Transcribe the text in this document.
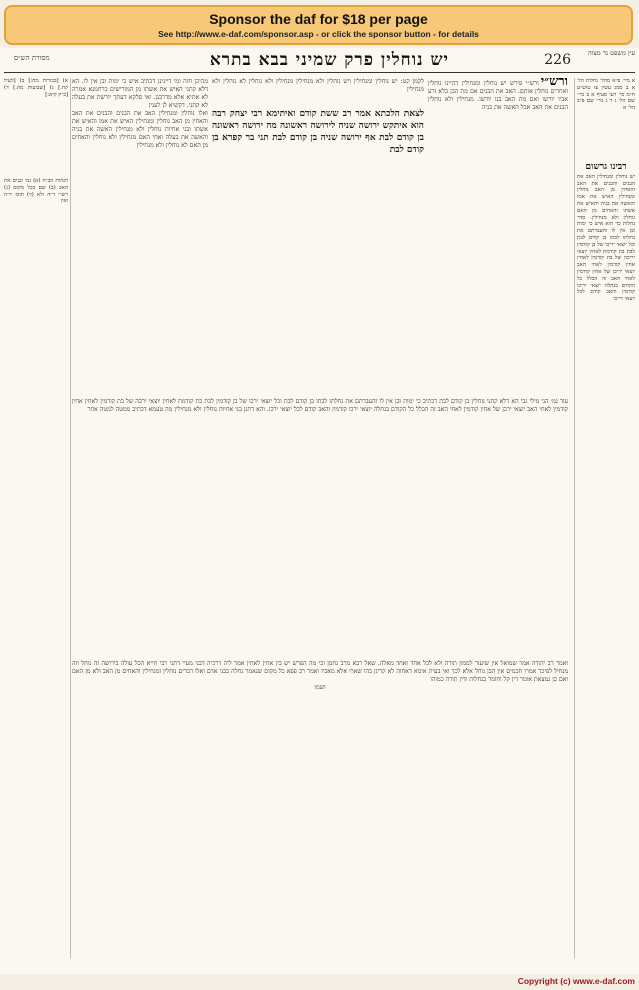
Sponsor the daf for $18 per page
See http://www.e-daf.com/sponsor.asp - or click the sponsor button - for details
עין משפט נר מצוה
226
יש נוחלין פרק שמיני בבא בתרא
מסורת הש״ס

א מיי׳ פ״א מהל׳ נחלות הל׳ א ב סמג עשין צו טוש״ע ח״מ סי׳ רעו סעיף א ב מיי׳ שם הל׳ ג ד ג מיי׳ שם פ״ב הל׳ א

רבינו גרשום

יש נוחלין ומנחילין האב את הבנים והבנים את האב והאחין מן האב נוחלין ומנחילין האיש את אמו והאשה את בניה והאיש את אשתו והאחים מן האם נוחלין ולא מנחילין. סדר נחלות כך הוא איש כי ימות ובן אין לו והעברתם את נחלתו לבתו בן קודם לבת וכל יוצאי יריכו של בן קודמין לבת בת קודמת לאחין יוצאי יריכה של בת קודמין לאחין אחין קודמין לאחי האב יוצאי יריכן של אחין קודמין לאחי האב זה הכלל כל הקודם בנחלה יוצאי יריכו קודמין והאב קודם לכל יוצאי יריכו

ורש״יורש״י פירש יש נוחלין ומנחילין דהיינו נוחלין ואחרים נוחלין אותם. האב את הבנים אם מת הבן בלא זרע אביו יורשו ואם מת האב בנו יורשו. מנחילין ולא נוחלין הבנים את האב אבל האשה את בניה

לצאת הלכתא אמר רב ששת קודם ואיתימא רבי יצחק רבה הוא איתקש ירושה שניה לירושה ראשונה מה ירושה ראשונה בן קודם לבת אף ירושה שניה בן קודם לבת תני בר קפרא בן קודם לבת

לקמן קט: יש נוחלין ומנחילין ויש נוחלין ולא מנחילין מנחילין ולא נוחלין לא נוחלין ולא מנחילין

מהיכן חזה ומי דיינינן דכתיב איש כי ימות ובן אין לו. הא דלא קתני האיש את אשתו מן המורישים כרחמנא אמרה לא אתיא אלא מדרבנן. ואי סלקא דעתך יורשת את בעלה לא קתני. דקשיא לן לענין

ואלו נוחלין ומנחילין האב את הבנים והבנים את האב והאחין מן האב נוחלין ומנחילין האיש את אמו והאיש את אשתו ובני אחיות נוחלין ולא מנחילין האשה את בניה והאשה את בעלה ואחי האם מנחילין ולא נוחלין והאחים מן האם לא נוחלין ולא מנחילין

א) [בכורות מח:] ב) [לעיל קח.] ג) [שבועות מח.] ד) [ב״ק קיא:]

הגהות הב״ח (א) גמ׳ ובנים את האב (ב) שם בכל מקום (ג) רש״י ד״ה ולא (ד) תוס׳ ד״ה ואין

עוד גמ׳ הני מילי גבי הא דלא קתני נוחלין בן קודם לבת דכתיב כי ימות ובן אין לו והעברתם את נחלתו לבתו בן קודם לבת וכל יוצאי ירכו של בן קודמין לבת בת קודמת לאחין יוצאי ירכה של בת קודמין לאחין אחין קודמין לאחי האב יוצאי ירכן של אחין קודמין לאחי האב זה הכלל כל הקודם בנחלה יוצאי ירכו קודמין והאב קודם לכל יוצאי ירכו. והא דתנן בני אחיות נוחלין ולא מנחילין מה טעמא דכתיב ממטה למטה אחר

ואמר רב יהודה אמר שמואל אין שיעור לממון תורה ולא לכל אחד ואחד מאלה. שאל רבא מרב נחמן וכי מה הפרש יש בין אחין לאחין אמר ליה דרכיה דבני מעיי דתני רבי חייא הכל עולה בירושה זה נוחל וזה מנחיל לפיכך אמרו חכמים אין הבן נוחל אלא לכך ואי בעית אימא דאחוה לא קרינן בהו שארו אלא מאביו ואמר רב פפא כל מקום שנאמר נחלה כבני אדם ואלו דברים נוחלין ומנחילין והאחים מן האב ולא מן האם ואם כן נמצאת אומר דין קל וחומר בנחלות ודין תורה כמוהו

ושמו

Copyright (c) www.e-daf.com
